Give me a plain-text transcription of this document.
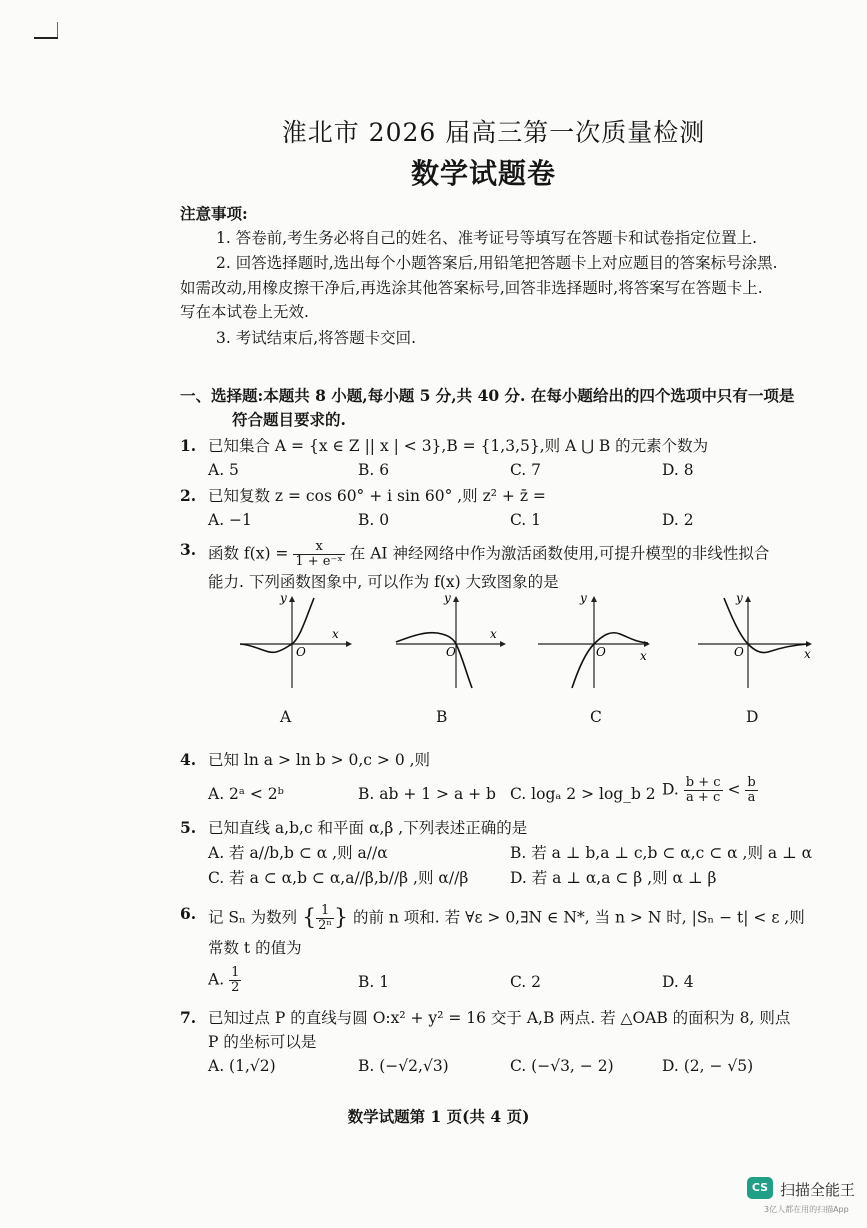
淮北市 2026 届高三第一次质量检测
数学试题卷
注意事项:
1. 答卷前,考生务必将自己的姓名、准考证号等填写在答题卡和试卷指定位置上.
2. 回答选择题时,选出每个小题答案后,用铅笔把答题卡上对应题目的答案标号涂黑.
如需改动,用橡皮擦干净后,再选涂其他答案标号,回答非选择题时,将答案写在答题卡上.
写在本试卷上无效.
3. 考试结束后,将答题卡交回.
一、选择题:本题共 8 小题,每小题 5 分,共 40 分. 在每小题给出的四个选项中只有一项是
符合题目要求的.
1. 已知集合 A = {x ∈ Z || x | < 3},B = {1,3,5},则 A ⋃ B 的元素个数为
A. 5	B. 6	C. 7	D. 8
2. 已知复数 z = cos 60° + i sin 60° ,则 z² + z̄ =
A. −1	B. 0	C. 1	D. 2
3. 函数 $f(x) = \frac{x}{\text{1 + e⁻ˣ}}$ 在 AI 神经网络中作为激活函数使用,可提升模型的非线性拟合
能力. 下列函数图象中, 可以作为 f(x) 大致图象的是
x
y
O
x
y
O	x
y
O	x
y
O
A	B	C	D
4. 已知 ln a > ln b > 0,c > 0 ,则
A. 2ᵃ < 2ᵇ	B. ab + 1 > a + b C. logₐ 2 > log_b 2 D. $\frac{b + c}{a + c} < \frac{b}{a}$
5. 已知直线 a,b,c 和平面 α,β ,下列表述正确的是
A. 若 a//b,b ⊂ α ,则 a//α	B. 若 a ⊥ b,a ⊥ c,b ⊂ α,c ⊂ α ,则 a ⊥ α
C. 若 a ⊂ α,b ⊂ α,a//β,b//β ,则 α//β	D. 若 a ⊥ α,a ⊂ β ,则 α ⊥ β
6. 记 Sₙ 为数列 { $\frac{1}{\text{2ⁿ}}$ } 的前 n 项和. 若 ∀ε > 0,∃N ∈ N*, 当 n > N 时, |Sₙ − t| < ε ,则
常数 t 的值为
A. $\frac{1}{2}$	B. 1	C. 2	D. 4
7. 已知过点 P 的直线与圆 O:x² + y² = 16 交于 A,B 两点. 若 △OAB 的面积为 8, 则点
P 的坐标可以是
A. (1,√2)	B. (−√2,√3)	C. (−√3, − 2)	D. (2, − √5)
数学试题第 1 页(共 4 页)
CS 扫描全能王
3亿人都在用的扫描App
